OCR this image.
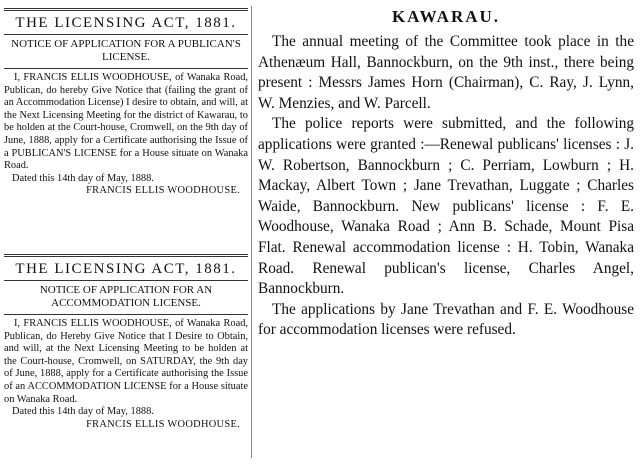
THE LICENSING ACT, 1881.

NOTICE OF APPLICATION FOR A PUBLICAN'S LICENSE.

I, FRANCIS ELLIS WOODHOUSE, of Wanaka Road, Publican, do hereby Give Notice that (failing the grant of an Accommodation License) I desire to obtain, and will, at the Next Licensing Meeting for the district of Kawarau, to be holden at the Court-house, Cromwell, on the 9th day of June, 1888, apply for a Certificate authorising the Issue of a PUBLICAN'S LICENSE for a House situate on Wanaka Road.

Dated this 14th day of May, 1888.

FRANCIS ELLIS WOODHOUSE.

THE LICENSING ACT, 1881.

NOTICE OF APPLICATION FOR AN ACCOMMODATION LICENSE.

I, FRANCIS ELLIS WOODHOUSE, of Wanaka Road, Publican, do Hereby Give Notice that I Desire to Obtain, and will, at the Next Licensing Meeting to be holden at the Court-house, Cromwell, on SATURDAY, the 9th day of June, 1888, apply for a Certificate authorising the Issue of an ACCOMMODATION LICENSE for a House situate on Wanaka Road.

Dated this 14th day of May, 1888.

FRANCIS ELLIS WOODHOUSE.

KAWARAU.

The annual meeting of the Committee took place in the Athenæum Hall, Bannockburn, on the 9th inst., there being present : Messrs James Horn (Chairman), C. Ray, J. Lynn, W. Menzies, and W. Parcell.

The police reports were submitted, and the following applications were granted :—Renewal publicans' licenses : J. W. Robertson, Bannockburn ; C. Perriam, Lowburn ; H. Mackay, Albert Town ; Jane Trevathan, Luggate ; Charles Waide, Bannockburn. New publicans' license : F. E. Woodhouse, Wanaka Road ; Ann B. Schade, Mount Pisa Flat. Renewal accommodation license : H. Tobin, Wanaka Road. Renewal publican's license, Charles Angel, Bannockburn.

The applications by Jane Trevathan and F. E. Woodhouse for accommodation licenses were refused.
